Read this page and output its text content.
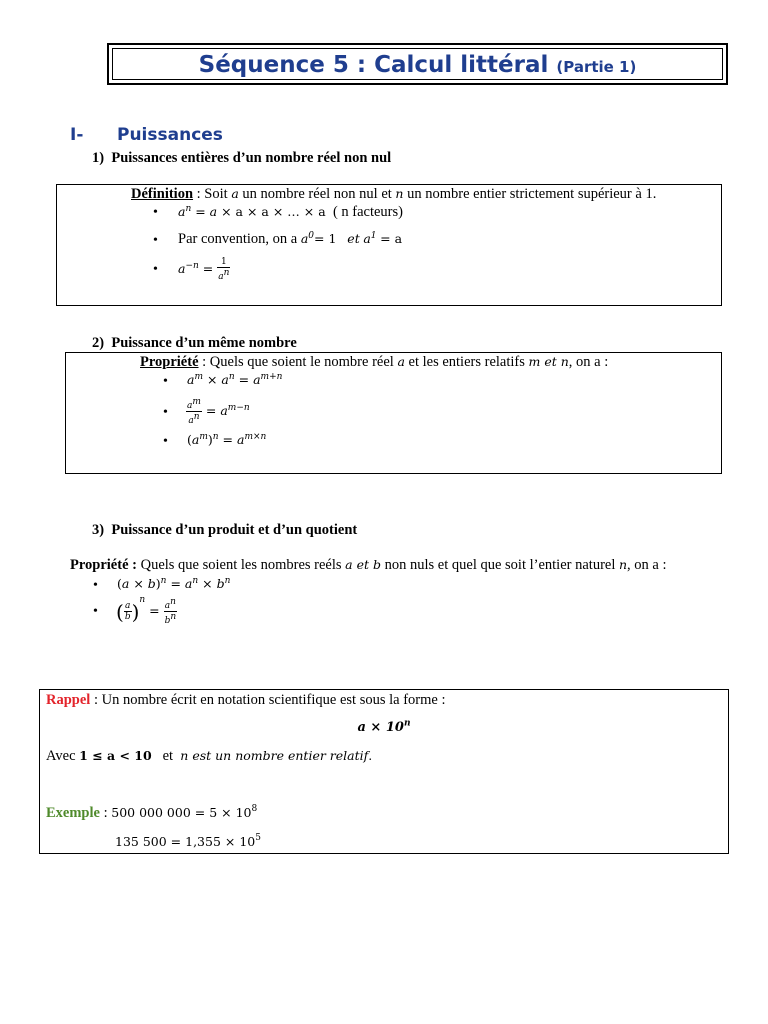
Séquence 5 : Calcul littéral (Partie 1)
I- Puissances
1) Puissances entières d’un nombre réel non nul
Définition : Soit a un nombre réel non nul et n un nombre entier strictement supérieur à 1.
• $a^n = a \times a \times a$ × … × a ( n facteurs)
• Par convention, on a $a^0= 1$ et $a^1 = a$
• $a^{-n} = \frac{1}{a^n}$
2) Puissance d’un même nombre
Propriété : Quels que soient le nombre réel a et les entiers relatifs m et n, on a :
• $a^m \times a^n = a^{m+n}$
• $\frac{a^m}{a^n} = a^{m-n}$
• $(a^m)^n = a^{m\times n}$
3) Puissance d’un produit et d’un quotient
Propriété : Quels que soient les nombres reéls a et b non nuls et quel que soit l’entier naturel n, on a :
• $(a \times b)^n = a^n \times b^n$
• ( $\frac{a}{b} )^n = \frac{a^n}{b^n}$
Rappel : Un nombre écrit en notation scientifique est sous la forme :
$a \times 10^n$
Avec 1 ≤ a < 10 et n est un nombre entier relatif.
Exemple : 500 000 $000 = 5 \times 10^8$
135 $500 = 1,355 \times 10^5$
